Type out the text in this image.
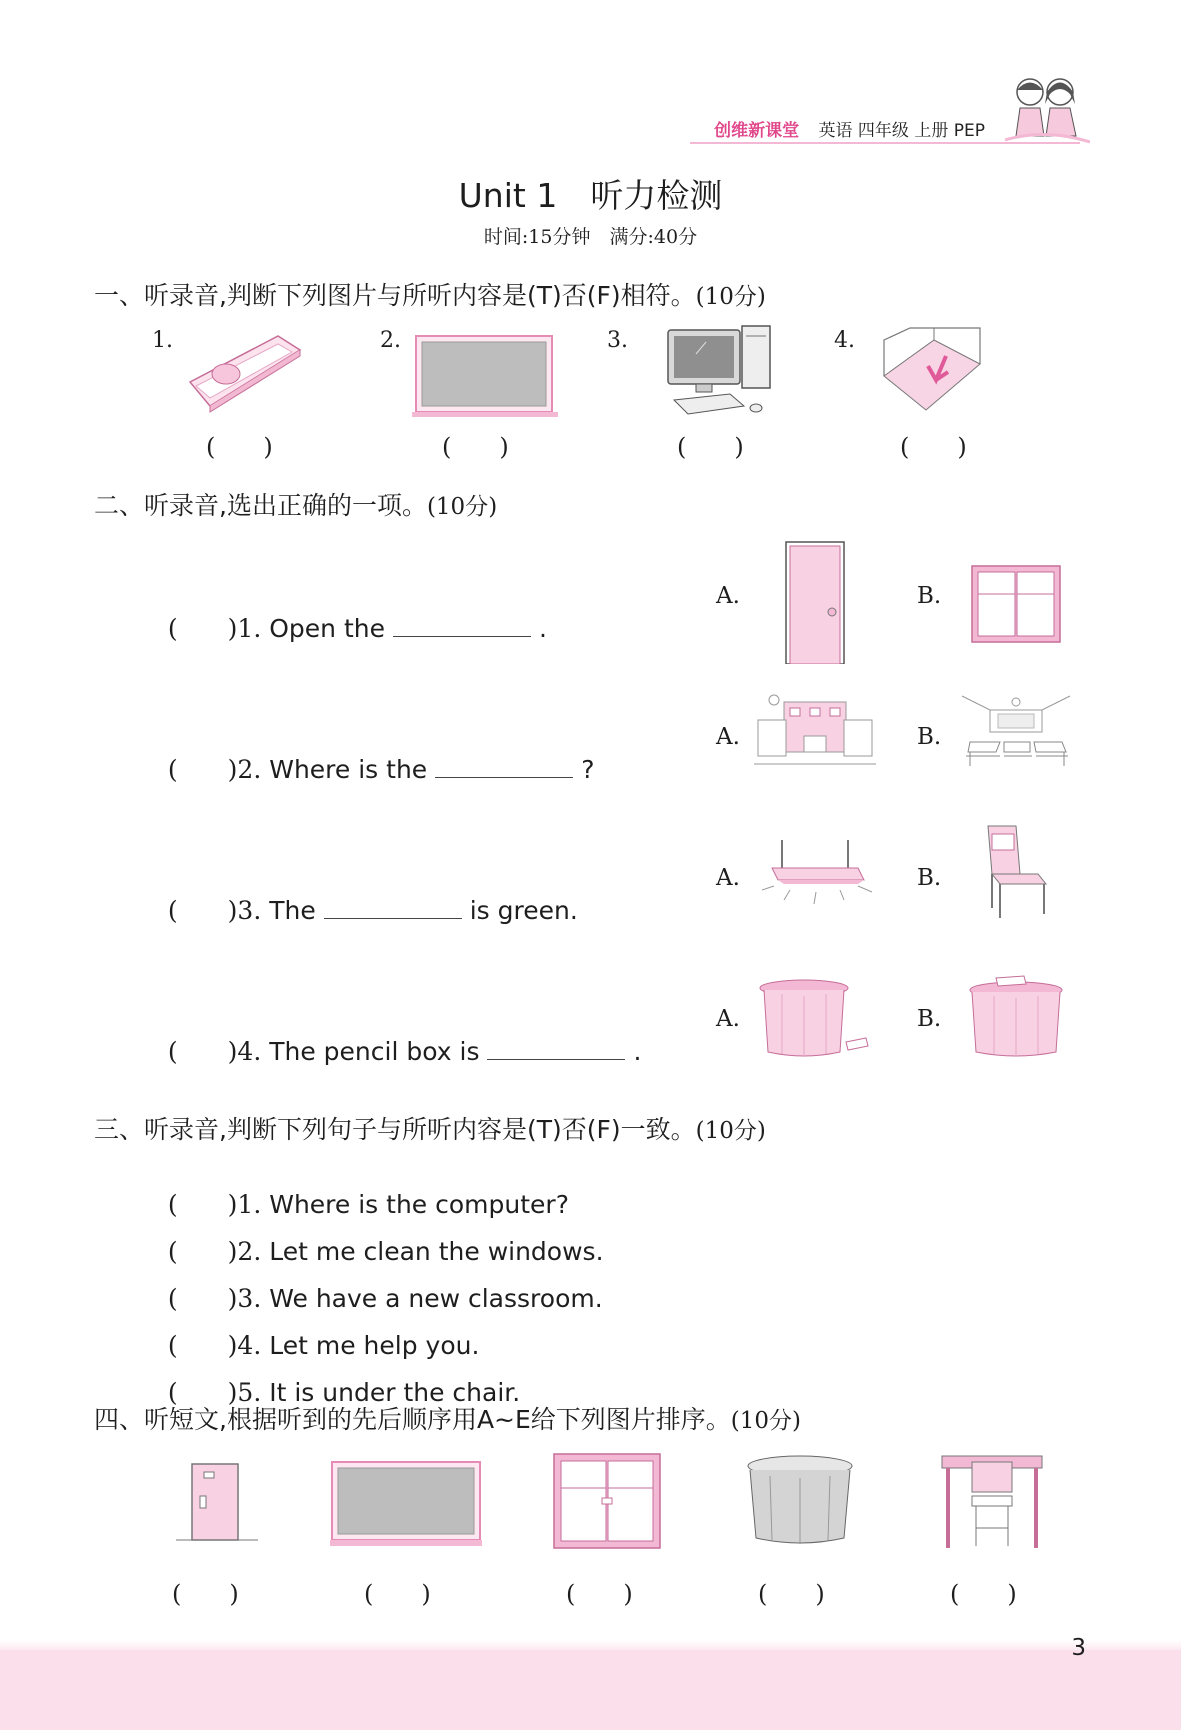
创维新课堂 英语 四年级 上册 PEP
Unit 1　听力检测
时间:15分钟　满分:40分
一、听录音,判断下列图片与所听内容是(T)否(F)相符。(10分)
1.	2.	3.	4.
(　　)	(　　)	(　　)	(　　)
二、听录音,选出正确的一项。(10分)

(　　)1. Open the	.

(　　)2. Where is the	?

(　　)3. The	is green.

(　　)4. The pencil box is	.

A.	B.
A.	B.
A.	B.
A.	B.
三、听录音,判断下列句子与所听内容是(T)否(F)一致。(10分)

(　　)1. Where is the computer?

(　　)2. Let me clean the windows.

(　　)3. We have a new classroom.

(　　)4. Let me help you.

(　　)5. It is under the chair.

四、听短文,根据听到的先后顺序用A~E给下列图片排序。(10分)
(　　)	(　　)	(　　)	(　　)	(　　)
3
